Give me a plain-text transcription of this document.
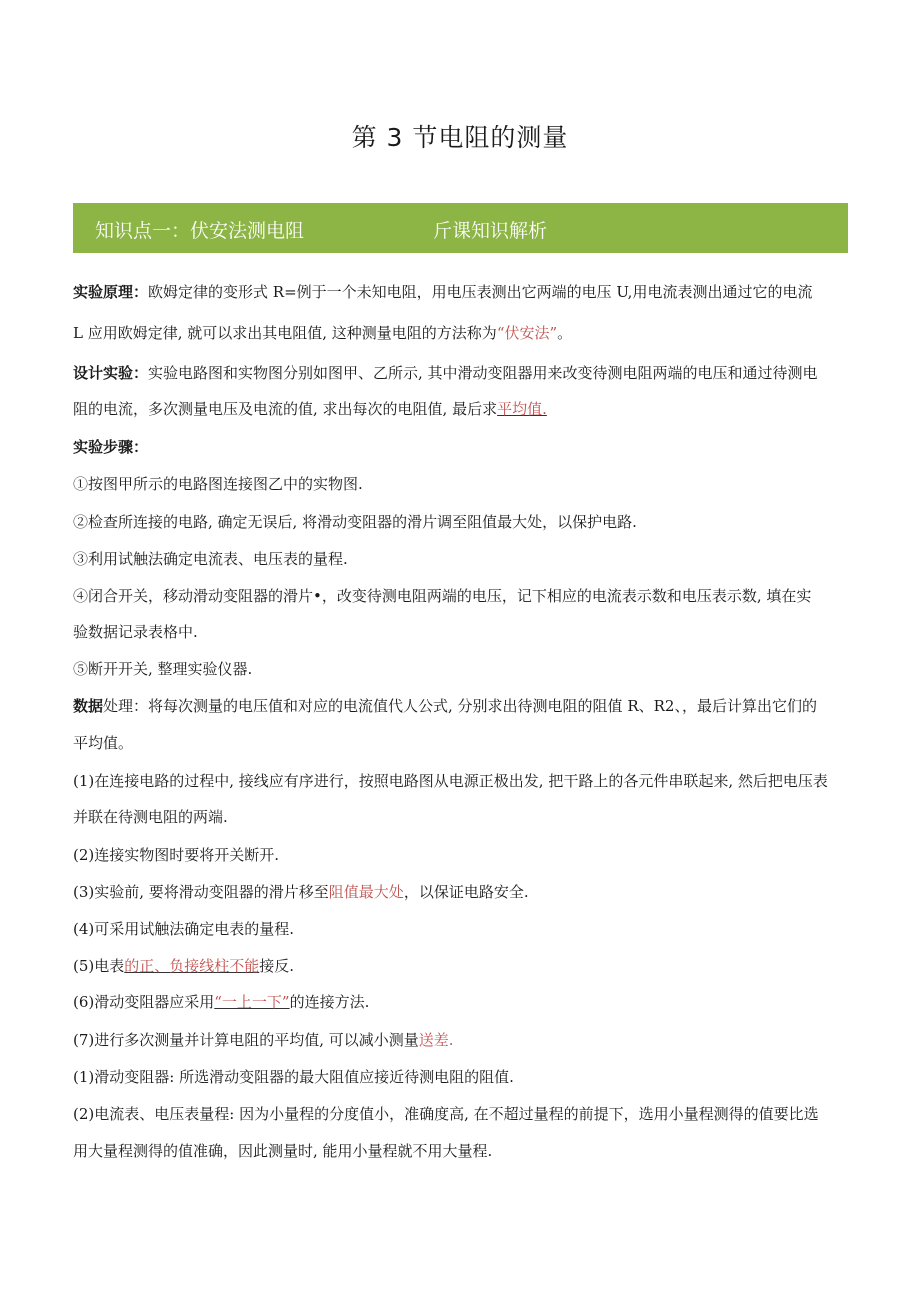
第 3 节电阻的测量
知识点一：伏安法测电阻	斤课知识解析
实验原理：欧姆定律的变形式 R=例于一个未知电阻，用电压表测出它两端的电压 U,用电流表测出通过它的电流
L 应用欧姆定律, 就可以求出其电阻值, 这种测量电阻的方法称为“伏安法”。
设计实验：实验电路图和实物图分别如图甲、乙所示, 其中滑动变阻器用来改变待测电阻两端的电压和通过待测电
阻的电流，多次测量电压及电流的值, 求出每次的电阻值, 最后求平均值.
实验步骤：
①按图甲所示的电路图连接图乙中的实物图.
②检查所连接的电路, 确定无误后, 将滑动变阻器的滑片调至阻值最大处，以保护电路.
③利用试触法确定电流表、电压表的量程.
④闭合开关，移动滑动变阻器的滑片•，改变待测电阻两端的电压，记下相应的电流表示数和电压表示数, 填在实
验数据记录表格中.
⑤断开开关, 整理实验仪器.
数据处理：将每次测量的电压值和对应的电流值代人公式, 分别求出待测电阻的阻值 R、R2、，最后计算出它们的
平均值。
(1)在连接电路的过程中, 接线应有序进行，按照电路图从电源正极出发, 把干路上的各元件串联起来, 然后把电压表
并联在待测电阻的两端.
(2)连接实物图时要将开关断开.
(3)实验前, 要将滑动变阻器的滑片移至阻值最大处，以保证电路安全.
(4)可采用试触法确定电表的量程.
(5)电表的正、负接线柱不能接反.
(6)滑动变阻器应采用“一上一下”的连接方法.
(7)进行多次测量并计算电阻的平均值, 可以减小测量送差.
(1)滑动变阻器: 所选滑动变阻器的最大阻值应接近待测电阻的阻值.
(2)电流表、电压表量程: 因为小量程的分度值小，准确度高, 在不超过量程的前提下，选用小量程测得的值要比选
用大量程测得的值准确，因此测量时, 能用小量程就不用大量程.
